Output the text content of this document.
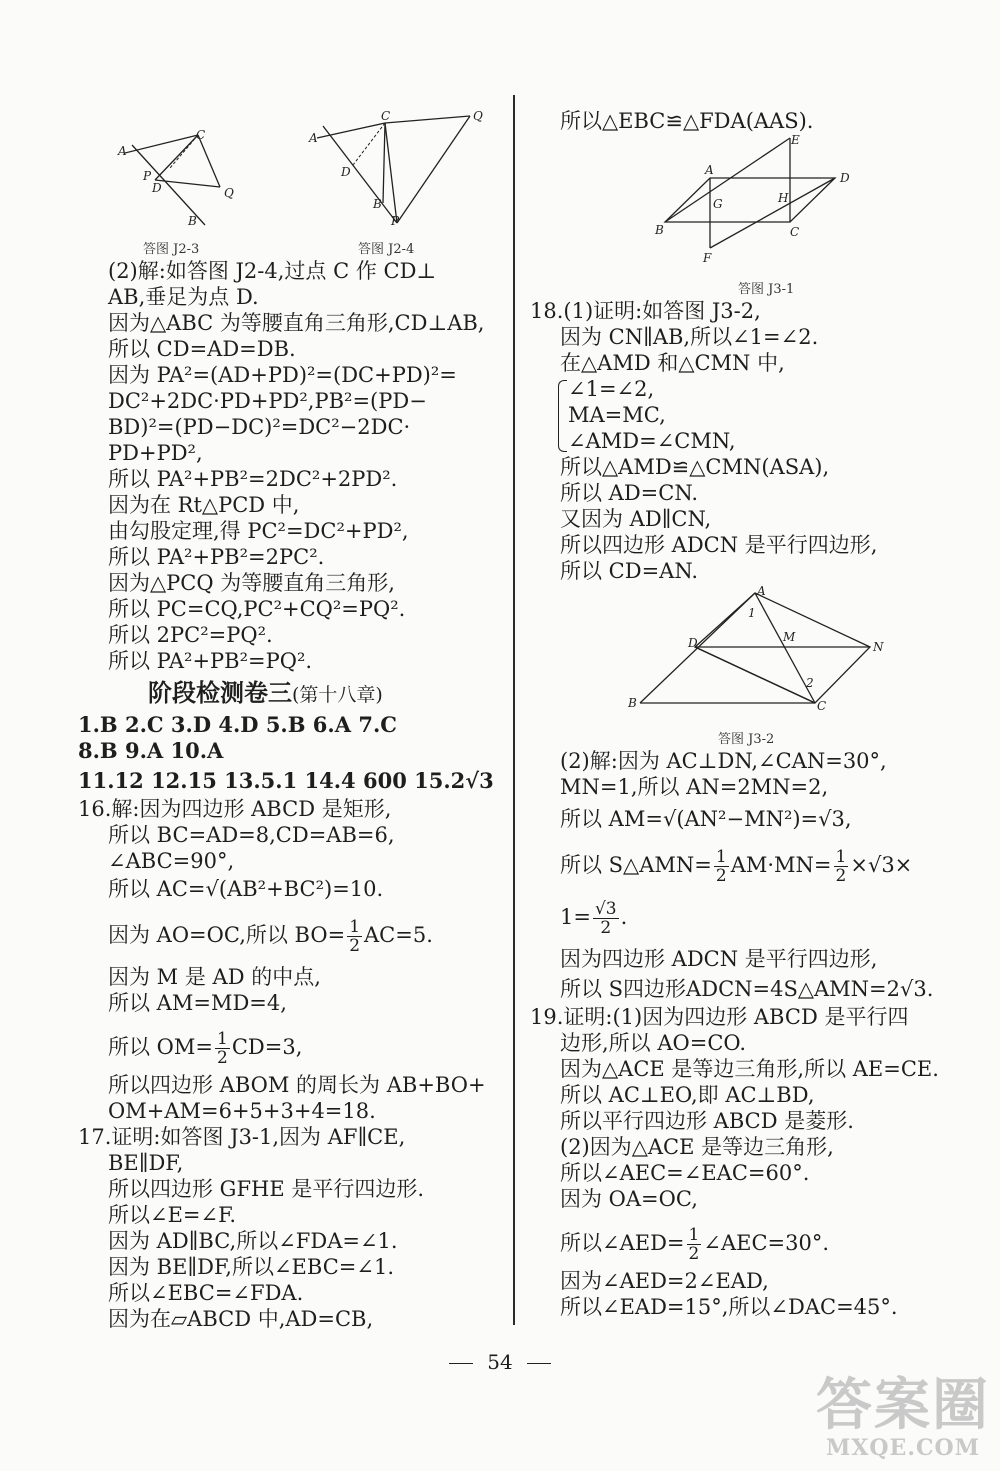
A
C
P
D	Q
B
答图 J2-3
A
C	Q
D
B
P
答图 J2-4
(2)解:如答图 J2-4,过点 C 作 CD⊥
AB,垂足为点 D.
因为△ABC 为等腰直角三角形,CD⊥AB,
所以 CD=AD=DB.
因为 PA²=(AD+PD)²=(DC+PD)²=
DC²+2DC·PD+PD²,PB²=(PD−
BD)²=(PD−DC)²=DC²−2DC·
PD+PD²,
所以 PA²+PB²=2DC²+2PD².
因为在 Rt△PCD 中,
由勾股定理,得 PC²=DC²+PD²,
所以 PA²+PB²=2PC².
因为△PCQ 为等腰直角三角形,
所以 PC=CQ,PC²+CQ²=PQ².
所以 2PC²=PQ².
所以 PA²+PB²=PQ².
阶段检测卷三(第十八章)
1.B 2.C 3.D 4.D 5.B 6.A 7.C
8.B 9.A 10.A
11.12 12.15 13.5.1 14.4 600 15.2√3
16.解:因为四边形 ABCD 是矩形,
所以 BC=AD=8,CD=AB=6,
∠ABC=90°,
所以 AC=√(AB²+BC²)=10.
因为 AO=OC,所以 $BO= \frac{1}{2} AC=5$.
因为 M 是 AD 的中点,
所以 AM=MD=4,
所以 $OM= \frac{1}{2} CD=3$,
所以四边形 ABOM 的周长为 AB+BO+
OM+AM=6+5+3+4=18.
17.证明:如答图 J3-1,因为 AF∥CE,
BE∥DF,
所以四边形 GFHE 是平行四边形.
所以∠E=∠F.
因为 AD∥BC,所以∠FDA=∠1.
因为 BE∥DF,所以∠EBC=∠1.
所以∠EBC=∠FDA.
因为在▱ABCD 中,AD=CB,
所以△EBC≌△FDA(AAS).
E
A
D
G	H
B	C
F
答图 J3-1
18.(1)证明:如答图 J3-2,
因为 CN∥AB,所以∠1=∠2.
在△AMD 和△CMN 中,
∠1=∠2,
MA=MC,
∠AMD=∠CMN,
所以△AMD≌△CMN(ASA),
所以 AD=CN.
又因为 AD∥CN,
所以四边形 ADCN 是平行四边形,
所以 CD=AN.
A
1
M
D	N
2
B	C
答图 J3-2
(2)解:因为 AC⊥DN,∠CAN=30°,
MN=1,所以 AN=2MN=2,
所以 AM=√(AN²−MN²)=√3,
所以 S△AMN= $\frac{1}{2} AM\cdot MN= \frac{1}{2} \times√3\times$
$1= \frac{√3}{2}$ .
因为四边形 ADCN 是平行四边形,
所以 S四边形ADCN=4S△AMN=2√3.
19.证明:(1)因为四边形 ABCD 是平行四
边形,所以 AO=CO.
因为△ACE 是等边三角形,所以 AE=CE.
所以 AC⊥EO,即 AC⊥BD,
所以平行四边形 ABCD 是菱形.
(2)因为△ACE 是等边三角形,
所以∠AEC=∠EAC=60°.
因为 OA=OC,
所以∠AED= $\frac{1}{2}$ ∠AEC=30°.
因为∠AED=2∠EAD,
所以∠EAD=15°,所以∠DAC=45°.
54
答案圈
MXQE.COM
